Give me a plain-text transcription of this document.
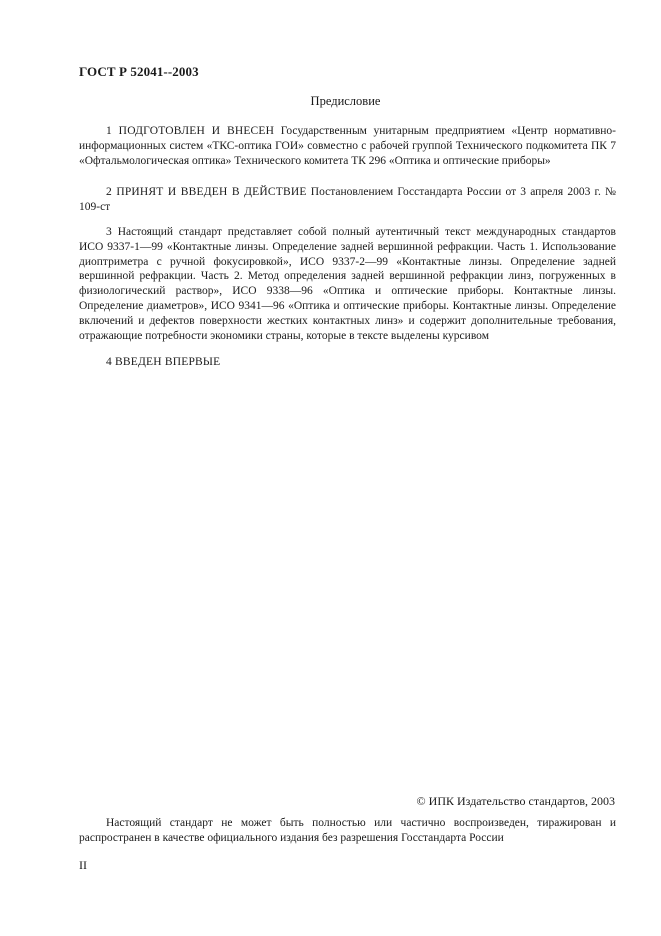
ГОСТ Р 52041--2003
Предисловие

1 ПОДГОТОВЛЕН И ВНЕСЕН Государственным унитарным предприятием «Центр нормативно-информационных систем «ТКС-оптика ГОИ» совместно с рабочей группой Технического подкомитета ПК 7 «Офтальмологическая оптика» Технического комитета ТК 296 «Оптика и оптические приборы»

2 ПРИНЯТ И ВВЕДЕН В ДЕЙСТВИЕ Постановлением Госстандарта России от 3 апреля 2003 г. № 109-ст

3 Настоящий стандарт представляет собой полный аутентичный текст международных стандартов ИСО 9337-1—99 «Контактные линзы. Определение задней вершинной рефракции. Часть 1. Использование диоптриметра с ручной фокусировкой», ИСО 9337-2—99 «Контактные линзы. Определение задней вершинной рефракции. Часть 2. Метод определения задней вершинной рефракции линз, погруженных в физиологический раствор», ИСО 9338—96 «Оптика и оптические приборы. Контактные линзы. Определение диаметров», ИСО 9341—96 «Оптика и оптические приборы. Контактные линзы. Определение включений и дефектов поверхности жестких контактных линз» и содержит дополнительные требования, отражающие потребности экономики страны, которые в тексте выделены курсивом

4 ВВЕДЕН ВПЕРВЫЕ

© ИПК Издательство стандартов, 2003

Настоящий стандарт не может быть полностью или частично воспроизведен, тиражирован и распространен в качестве официального издания без разрешения Госстандарта России

II
